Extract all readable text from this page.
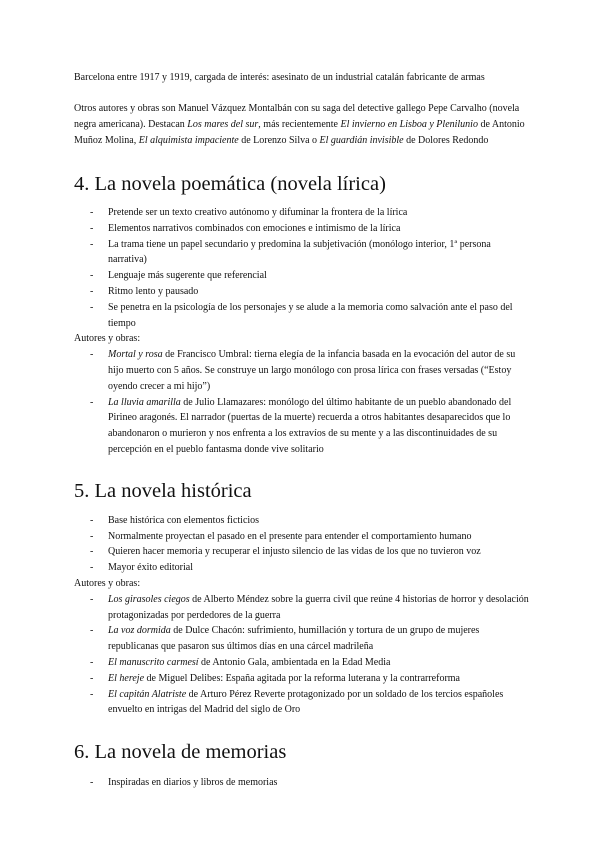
Barcelona entre 1917 y 1919, cargada de interés: asesinato de un industrial catalán fabricante de armas

Otros autores y obras son Manuel Vázquez Montalbán con su saga del detective gallego Pepe Carvalho (novela negra americana). Destacan Los mares del sur, más recientemente El invierno en Lisboa y Plenilunio de Antonio Muñoz Molina, El alquimista impaciente de Lorenzo Silva o El guardián invisible de Dolores Redondo

4. La novela poemática (novela lírica)
- Pretende ser un texto creativo autónomo y difuminar la frontera de la lírica
- Elementos narrativos combinados con emociones e intimismo de la lírica
- La trama tiene un papel secundario y predomina la subjetivación (monólogo interior, 1ª persona narrativa)
- Lenguaje más sugerente que referencial
- Ritmo lento y pausado
- Se penetra en la psicología de los personajes y se alude a la memoria como salvación ante el paso del tiempo
Autores y obras:
- Mortal y rosa de Francisco Umbral: tierna elegía de la infancia basada en la evocación del autor de su hijo muerto con 5 años. Se construye un largo monólogo con prosa lírica con frases versadas (“Estoy oyendo crecer a mi hijo”)
- La lluvia amarilla de Julio Llamazares: monólogo del último habitante de un pueblo abandonado del Pirineo aragonés. El narrador (puertas de la muerte) recuerda a otros habitantes desaparecidos que lo abandonaron o murieron y nos enfrenta a los extravíos de su mente y a las discontinuidades de su percepción en el pueblo fantasma donde vive solitario
5. La novela histórica
- Base histórica con elementos ficticios
- Normalmente proyectan el pasado en el presente para entender el comportamiento humano
- Quieren hacer memoria y recuperar el injusto silencio de las vidas de los que no tuvieron voz
- Mayor éxito editorial
Autores y obras:
- Los girasoles ciegos de Alberto Méndez sobre la guerra civil que reúne 4 historias de horror y desolación protagonizadas por perdedores de la guerra
- La voz dormida de Dulce Chacón: sufrimiento, humillación y tortura de un grupo de mujeres republicanas que pasaron sus últimos días en una cárcel madrileña
- El manuscrito carmesí de Antonio Gala, ambientada en la Edad Media
- El hereje de Miguel Delibes: España agitada por la reforma luterana y la contrarreforma
- El capitán Alatriste de Arturo Pérez Reverte protagonizado por un soldado de los tercios españoles envuelto en intrigas del Madrid del siglo de Oro
6. La novela de memorias
- Inspiradas en diarios y libros de memorias
